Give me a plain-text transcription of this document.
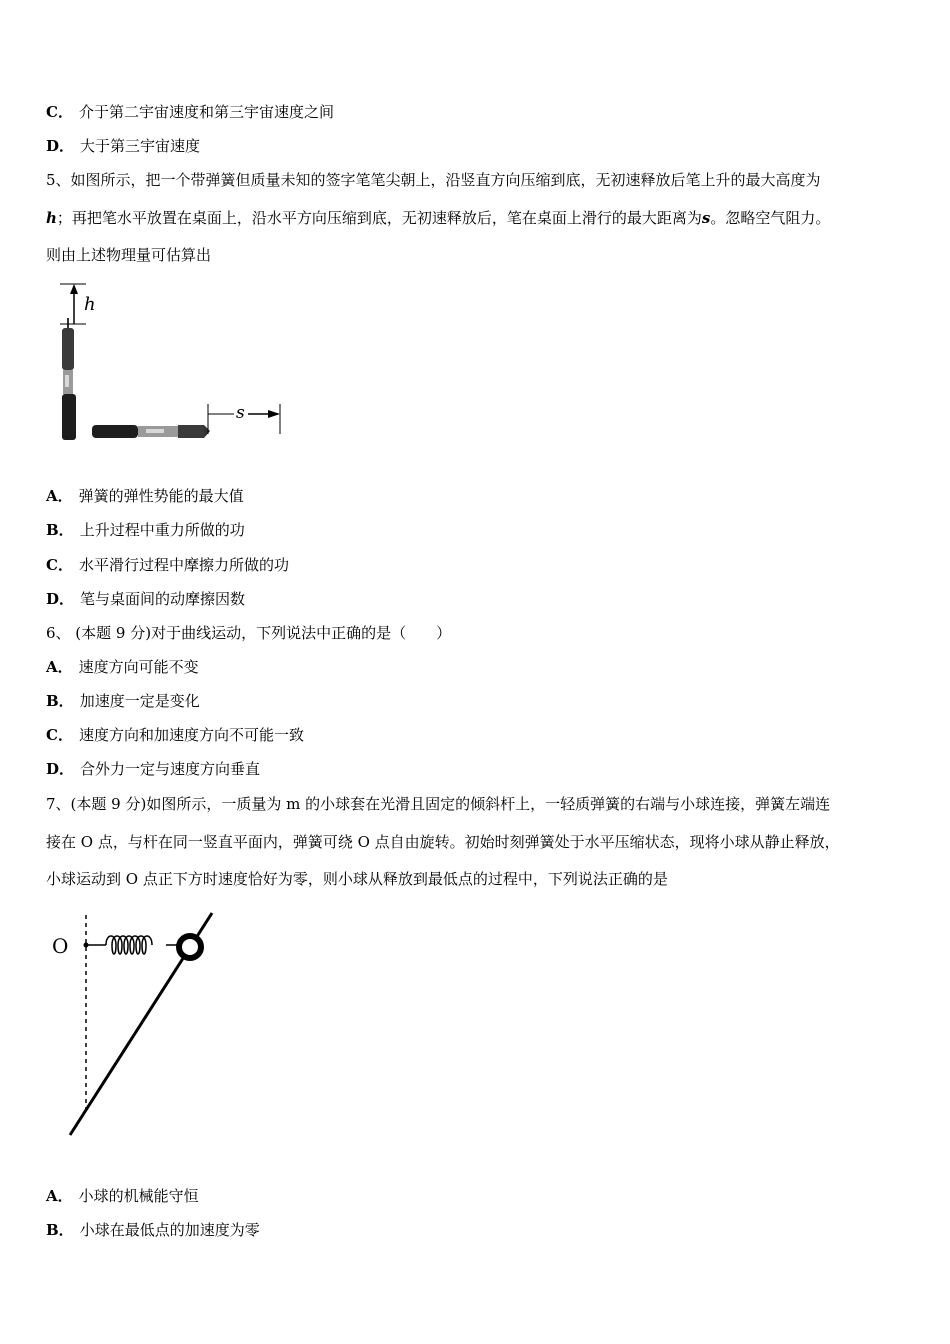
C． 介于第二宇宙速度和第三宇宙速度之间
D． 大于第三宇宙速度
5、如图所示，把一个带弹簧但质量未知的签字笔笔尖朝上，沿竖直方向压缩到底，无初速释放后笔上升的最大高度为
h；再把笔水平放置在桌面上，沿水平方向压缩到底，无初速释放后，笔在桌面上滑行的最大距离为s。忽略空气阻力。
则由上述物理量可估算出
h
s
A． 弹簧的弹性势能的最大值
B． 上升过程中重力所做的功
C． 水平滑行过程中摩擦力所做的功
D． 笔与桌面间的动摩擦因数
6、 (本题 9 分)对于曲线运动，下列说法中正确的是（　　）
A． 速度方向可能不变
B． 加速度一定是变化
C． 速度方向和加速度方向不可能一致
D． 合外力一定与速度方向垂直
7、(本题 9 分)如图所示，一质量为 m 的小球套在光滑且固定的倾斜杆上，一轻质弹簧的右端与小球连接，弹簧左端连
接在 O 点，与杆在同一竖直平面内，弹簧可绕 O 点自由旋转。初始时刻弹簧处于水平压缩状态，现将小球从静止释放，
小球运动到 O 点正下方时速度恰好为零，则小球从释放到最低点的过程中，下列说法正确的是
O
A． 小球的机械能守恒
B． 小球在最低点的加速度为零
